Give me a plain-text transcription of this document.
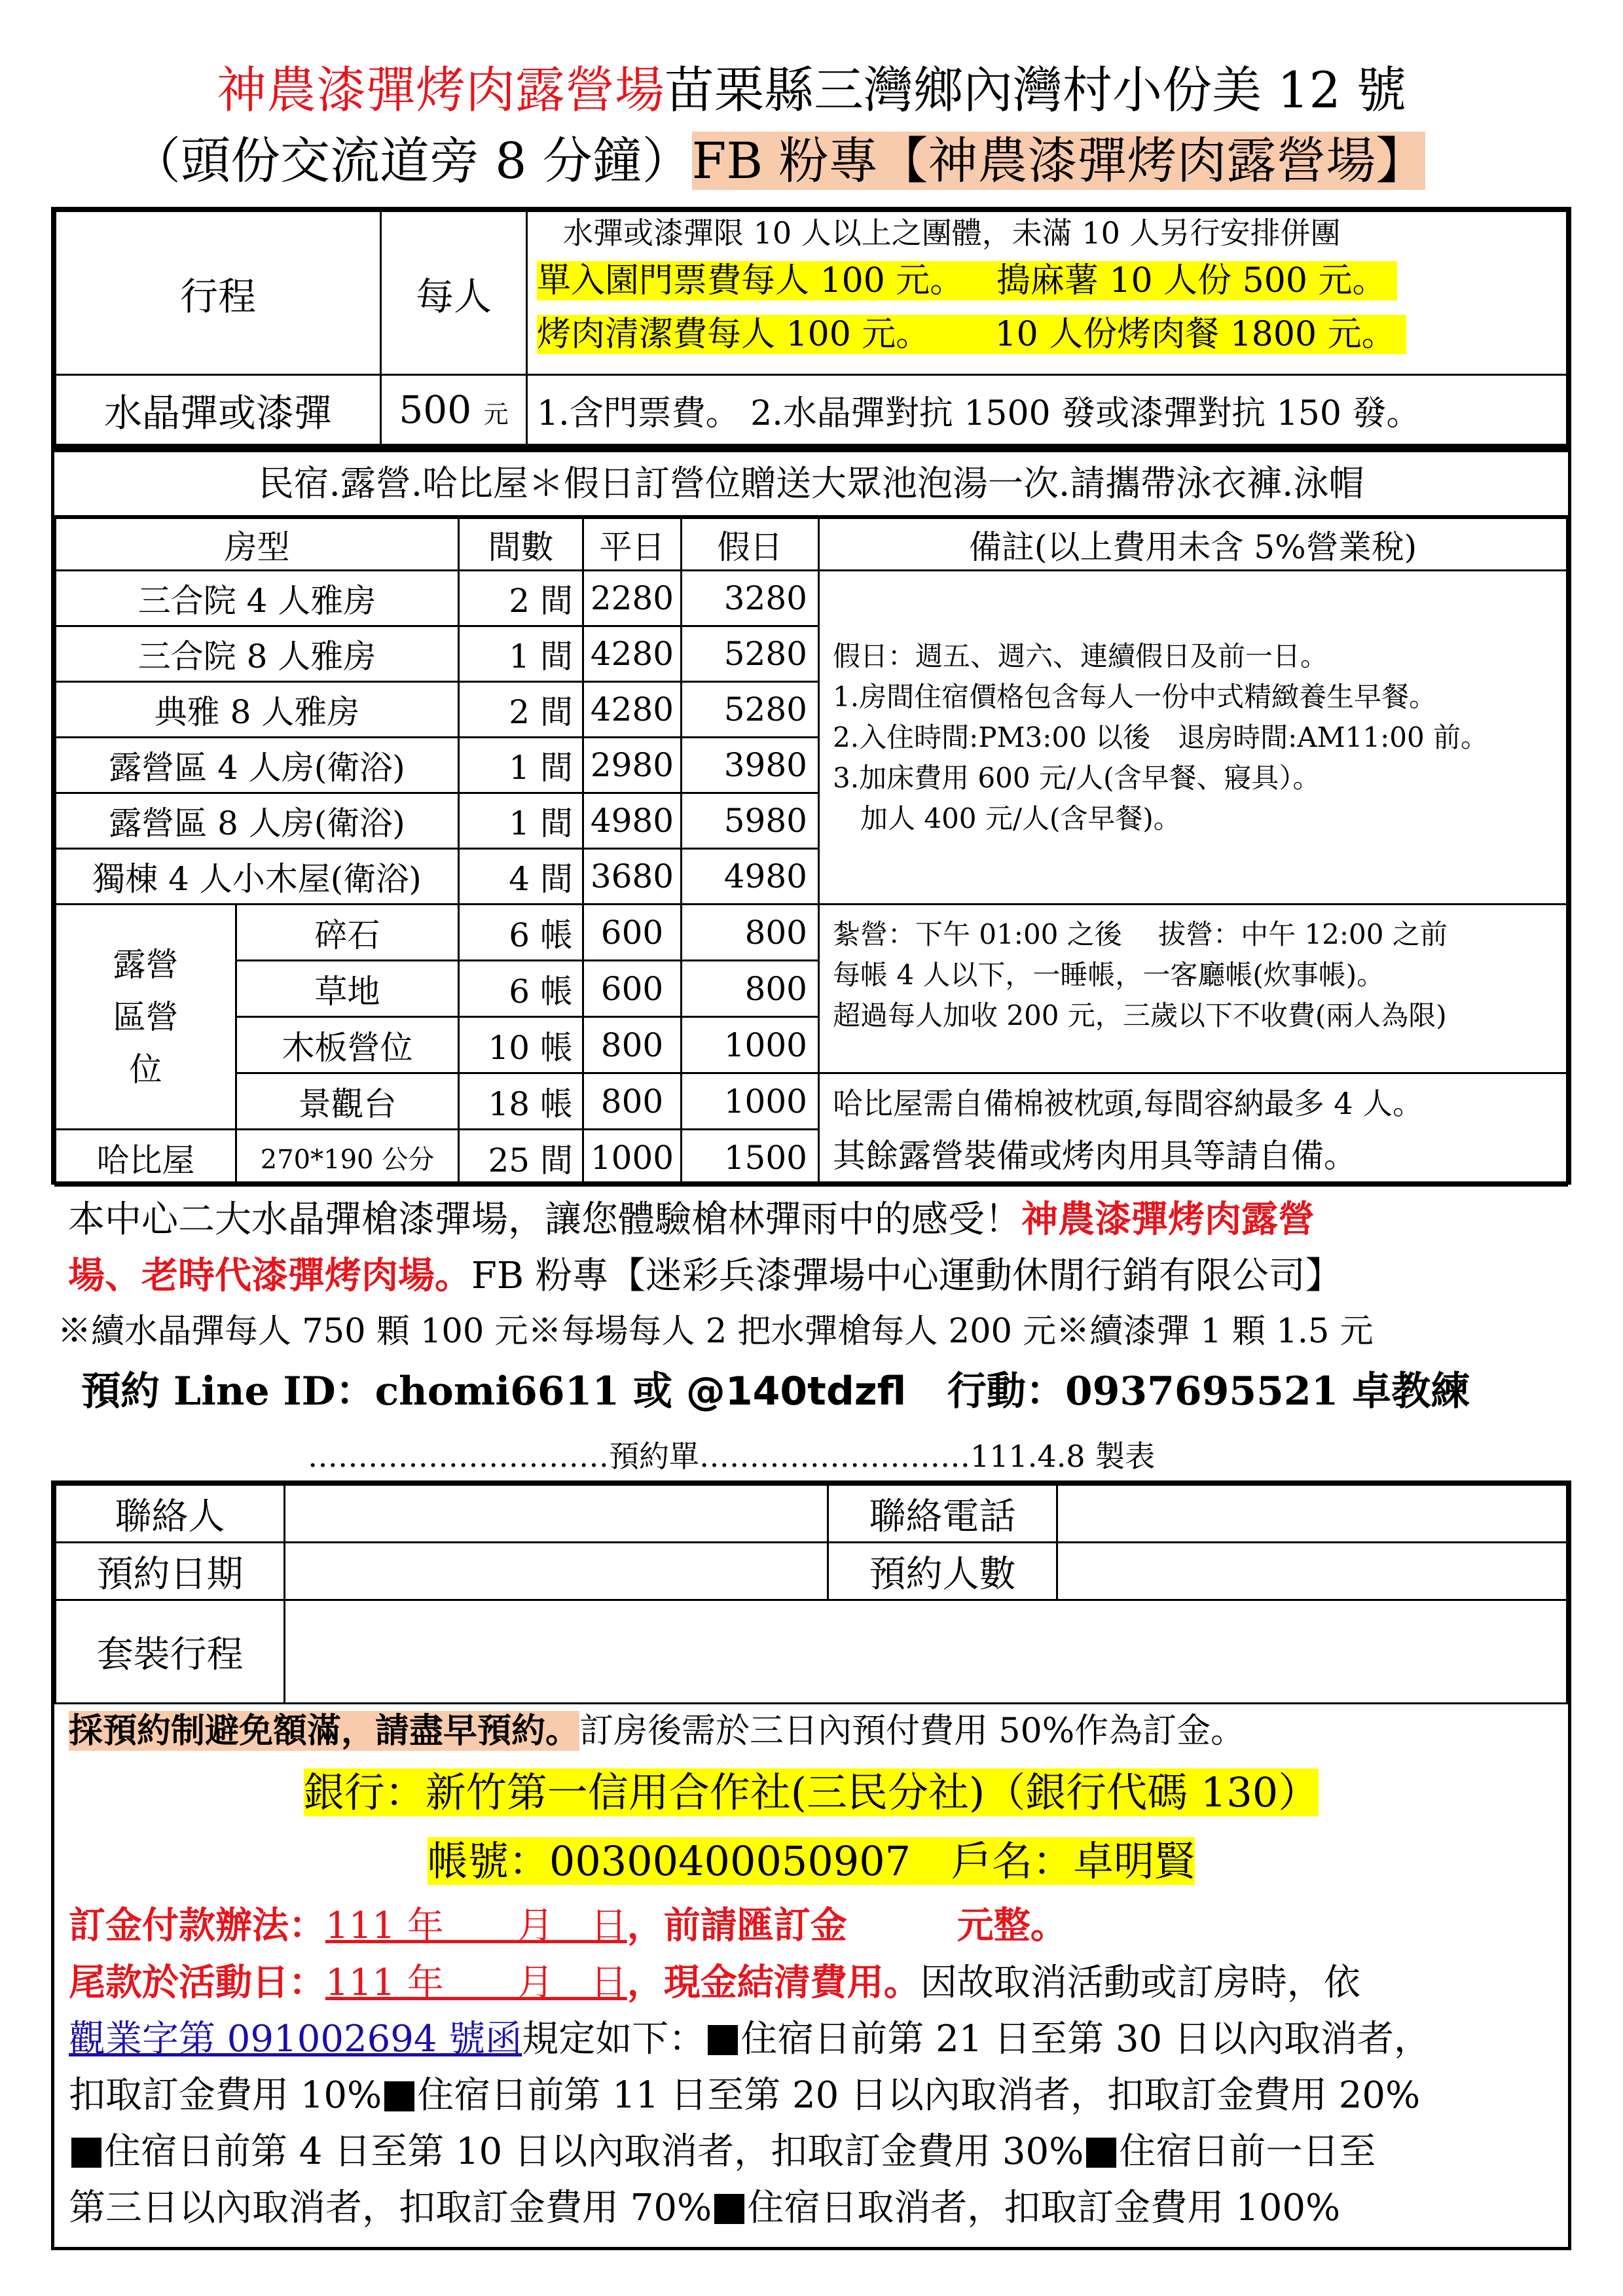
神農漆彈烤肉露營場苗栗縣三灣鄉內灣村小份美 12 號
（頭份交流道旁 8 分鐘）FB 粉專【神農漆彈烤肉露營場】
行程	每人	水彈或漆彈限 10 人以上之團體，未滿 10 人另行安排併團
單入園門票費每人 100 元。 搗麻薯 10 人份 500 元。
烤肉清潔費每人 100 元。 10 人份烤肉餐 1800 元。

水晶彈或漆彈	500 元	1.含門票費。 2.水晶彈對抗 1500 發或漆彈對抗 150 發。
民宿.露營.哈比屋＊假日訂營位贈送大眾池泡湯一次.請攜帶泳衣褲.泳帽
房型		間數	平日	假日	備註(以上費用未含 5%營業稅)
三合院 4 人雅房		2 間	2280	3280	假日：週五、週六、連續假日及前一日。
1.房間住宿價格包含每人一份中式精緻養生早餐。
2.入住時間:PM3:00 以後　退房時間:AM11:00 前。
3.加床費用 600 元/人(含早餐、寢具）。
　加人 400 元/人(含早餐)。

三合院 8 人雅房		1 間	4280	5280	
典雅 8 人雅房		2 間	4280	5280	
露營區 4 人房(衛浴)		1 間	2980	3980	
露營區 8 人房(衛浴)		1 間	4980	5980	
獨棟 4 人小木屋(衛浴)		4 間	3680	4980	

露營區營位	碎石	6 帳	600	800	紮營：下午 01:00 之後　 拔營：中午 12:00 之前
每帳 4 人以下，一睡帳，一客廳帳(炊事帳)。
超過每人加收 200 元，三歲以下不收費(兩人為限)

	草地	6 帳	600	800	
	木板營位	10 帳	800	1000	
	景觀台	18 帳	800	1000	哈比屋需自備棉被枕頭,每間容納最多 4 人。
其餘露營裝備或烤肉用具等請自備。

哈比屋	270*190 公分	25 間	1000	1500	
本中心二大水晶彈槍漆彈場，讓您體驗槍林彈雨中的感受！神農漆彈烤肉露營
場、老時代漆彈烤肉場。FB 粉專【迷彩兵漆彈場中心運動休閒行銷有限公司】
※續水晶彈每人 750 顆 100 元※每場每人 2 把水彈槍每人 200 元※續漆彈 1 顆 1.5 元
預約 Line ID：chomi6611 或 @140tdzfl 行動：0937695521 卓教練
…………………………預約單………………………111.4.8 製表
聯絡人		聯絡電話	
預約日期		預約人數	
套裝行程			
採預約制避免額滿，請盡早預約。訂房後需於三日內預付費用 50%作為訂金。
銀行：新竹第一信用合作社(三民分社)（銀行代碼 130）
帳號：00300400050907　戶名：卓明賢
訂金付款辦法：111 年　　月　日，前請匯訂金　　　元整。
尾款於活動日：111 年　　月　日，現金結清費用。因故取消活動或訂房時，依
觀業字第 091002694 號函規定如下： 住宿日前第 21 日至第 30 日以內取消者，
扣取訂金費用 10% 住宿日前第 11 日至第 20 日以內取消者，扣取訂金費用 20%
住宿日前第 4 日至第 10 日以內取消者，扣取訂金費用 30% 住宿日前一日至
第三日以內取消者，扣取訂金費用 70% 住宿日取消者，扣取訂金費用 100%
